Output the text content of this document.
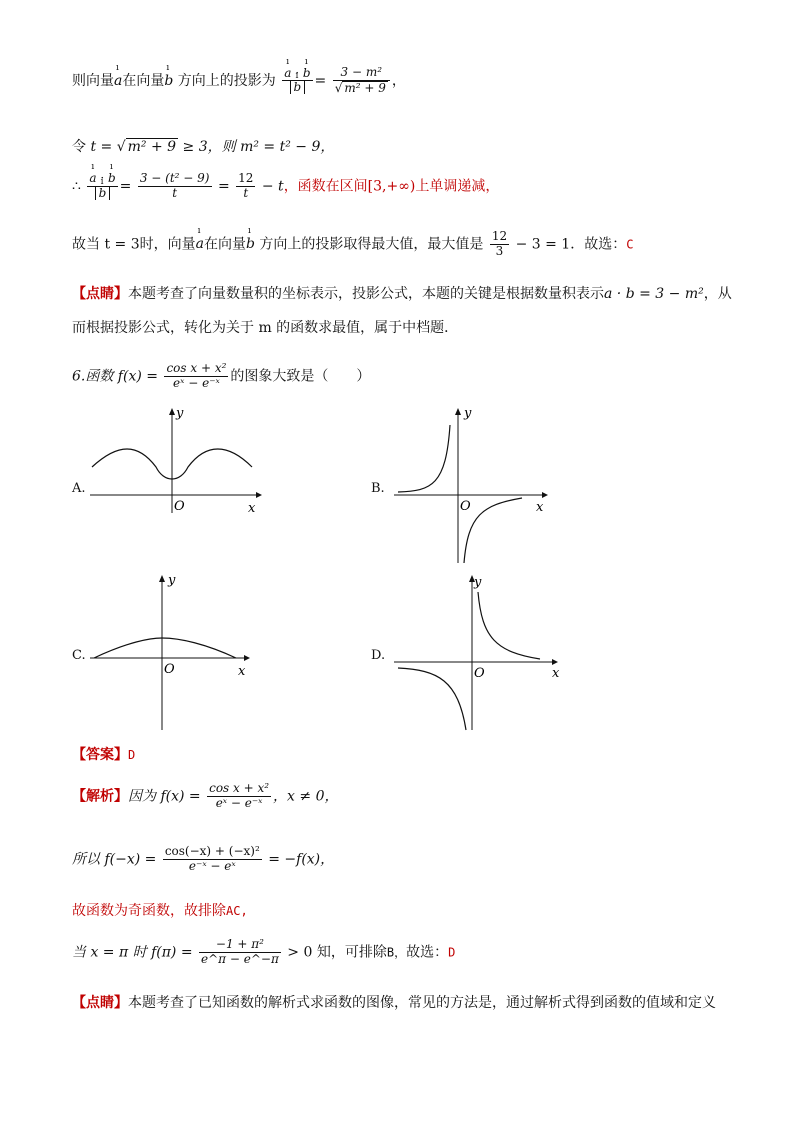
则向量ı a在向量ı b 方向上的投影为 ı a · ı b
ı $b = \frac{\text{3 − m²}}{\text{√ m² + 9}}$ ，
令 t = √ m² + 9 ≥ 3，则 m² = t² − 9，
∴ ı a · ı b
ı $b = \frac{\text{3 − (t² − 9)}}{t} = \frac{12}{t} - t$，函数在区间[3,+∞)上单调递减，
故当 t = 3时，向量ı a在向量ı b 方向上的投影取得最大值，最大值是 $\frac{12}{3} - 3 = 1$．故选：C
【点睛】本题考查了向量数量积的坐标表示，投影公式，本题的关键是根据数量积表示a · b = 3 − m²，从
而根据投影公式，转化为关于 m 的函数求最值，属于中档题．
6.函数 $f(x) = \frac{\text{cos x + x²}}{\text{eˣ − e⁻ˣ}}$ 的图象大致是（　　）
A.
y
O	x
B.
y
O	x
C.
y
O	x
D.
y
O	x
【答案】D
【解析】因为 $f(x) = \frac{\text{cos x + x²}}{\text{eˣ − e⁻ˣ}}$ ，x ≠ 0，
所以 $f(-x) = \frac{\text{cos(−x) + (−x)²}}{\text{e⁻ˣ − eˣ}} = -f(x)$，
故函数为奇函数，故排除AC,
当 x = π 时 $f(\pi) = \frac{\text{−1 + π²}}{e\^{}\pi - e\^{}-\pi} > 0$ 知，可排除B，故选：D
【点睛】本题考查了已知函数的解析式求函数的图像，常见的方法是，通过解析式得到函数的值域和定义
